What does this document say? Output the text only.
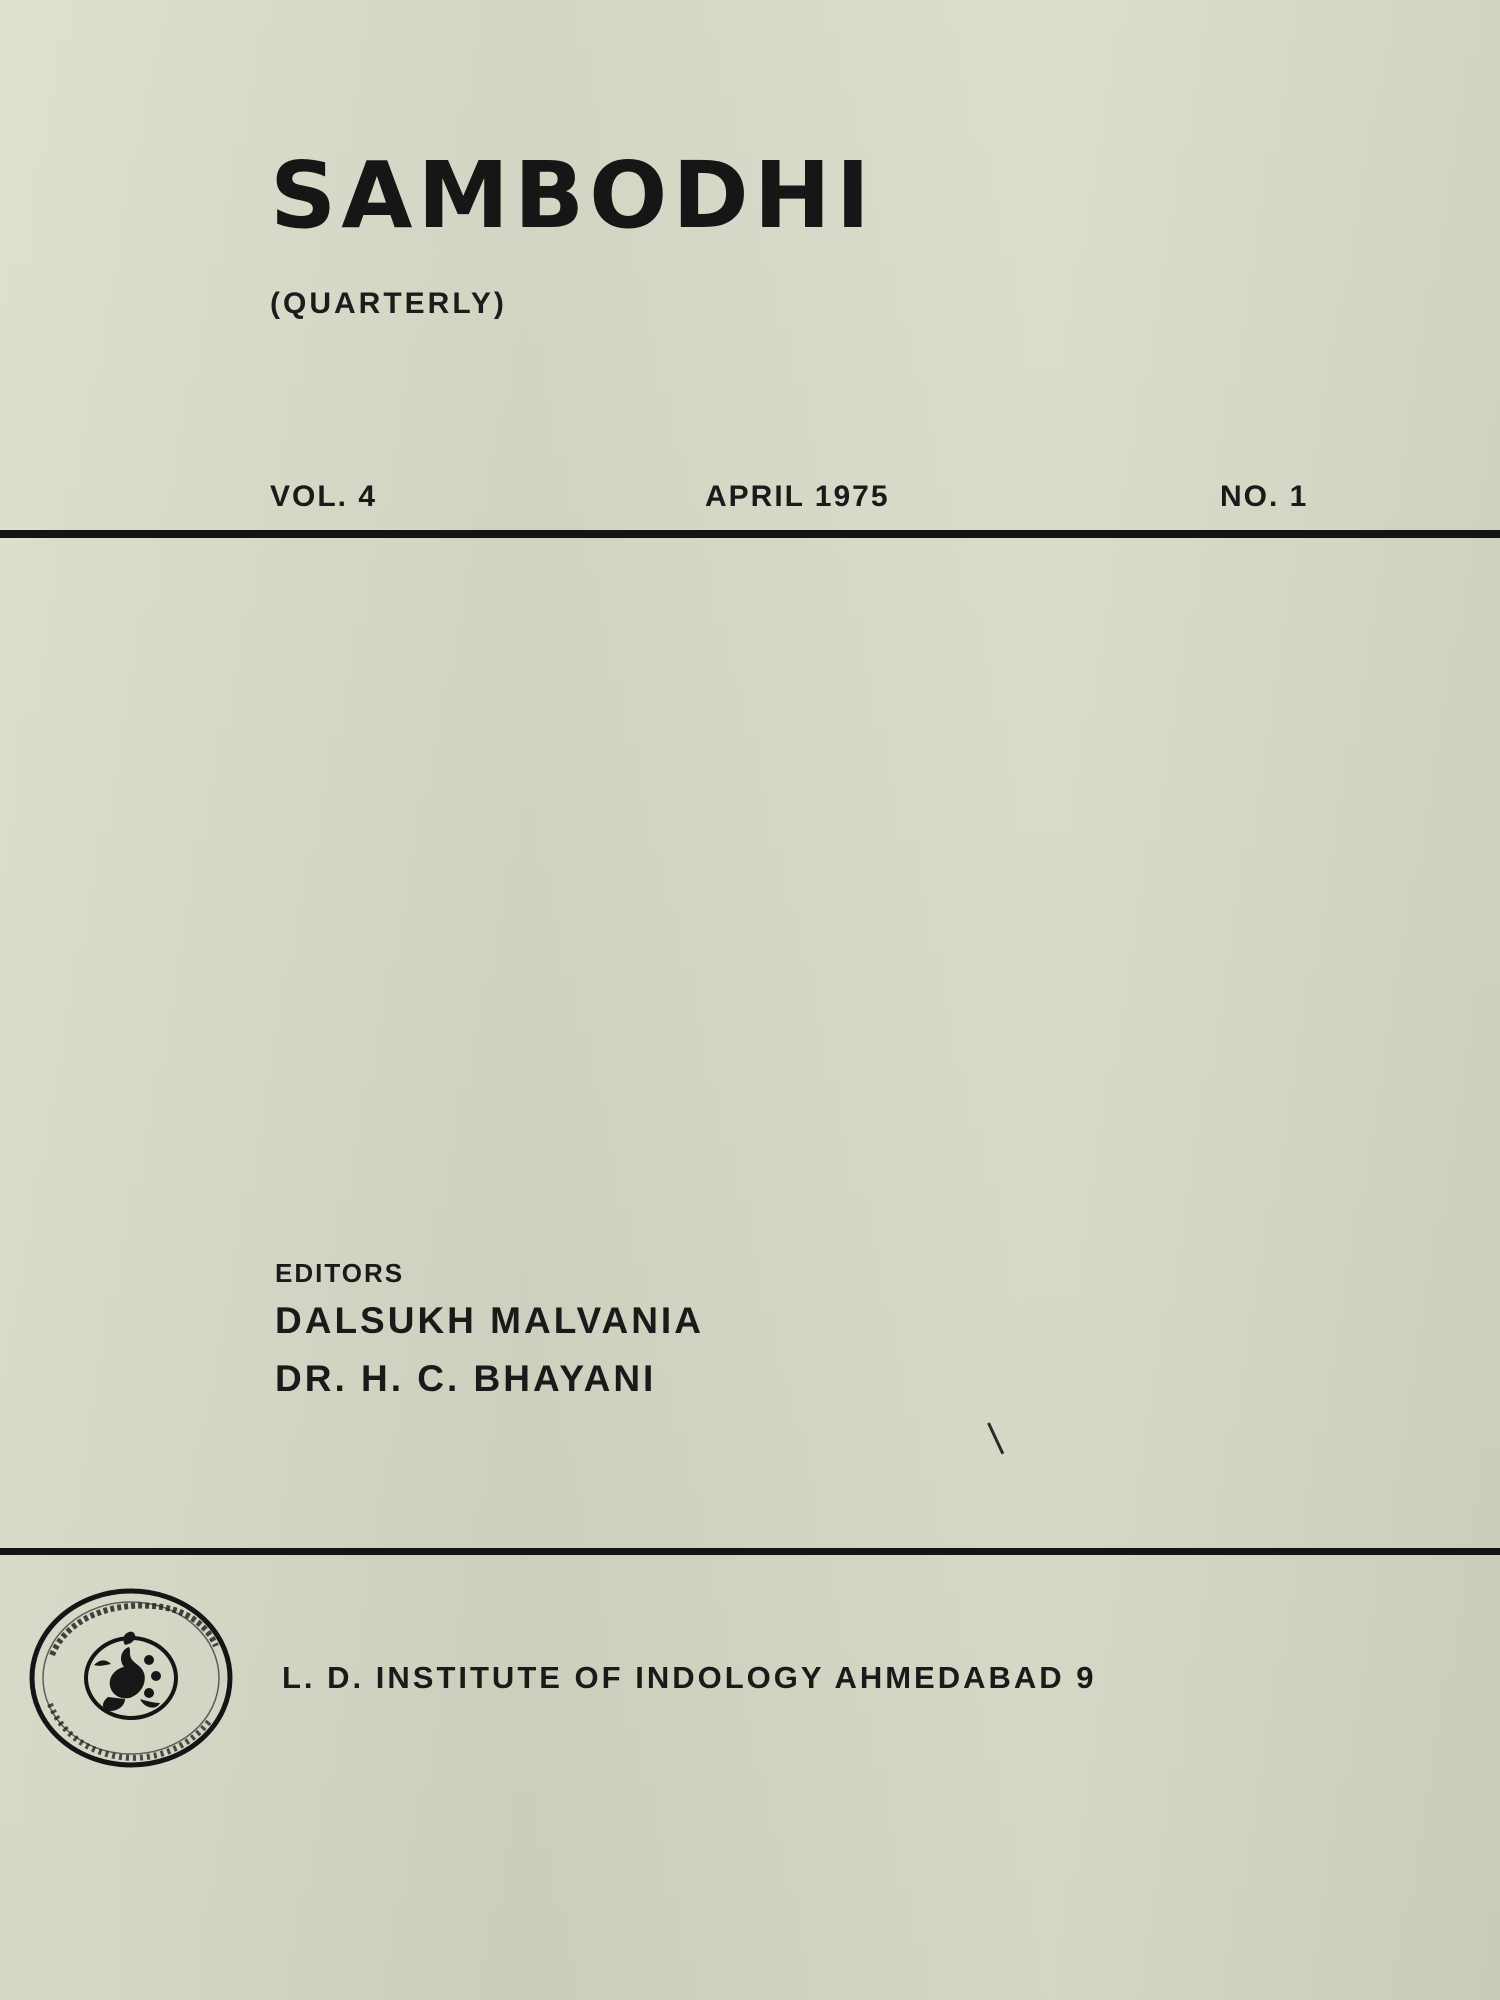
SAMBODHI
(QUARTERLY)
VOL. 4	APRIL 1975	NO. 1
EDITORS
DALSUKH MALVANIA
DR. H. C. BHAYANI
L. D. INSTITUTE OF INDOLOGY AHMEDABAD 9
